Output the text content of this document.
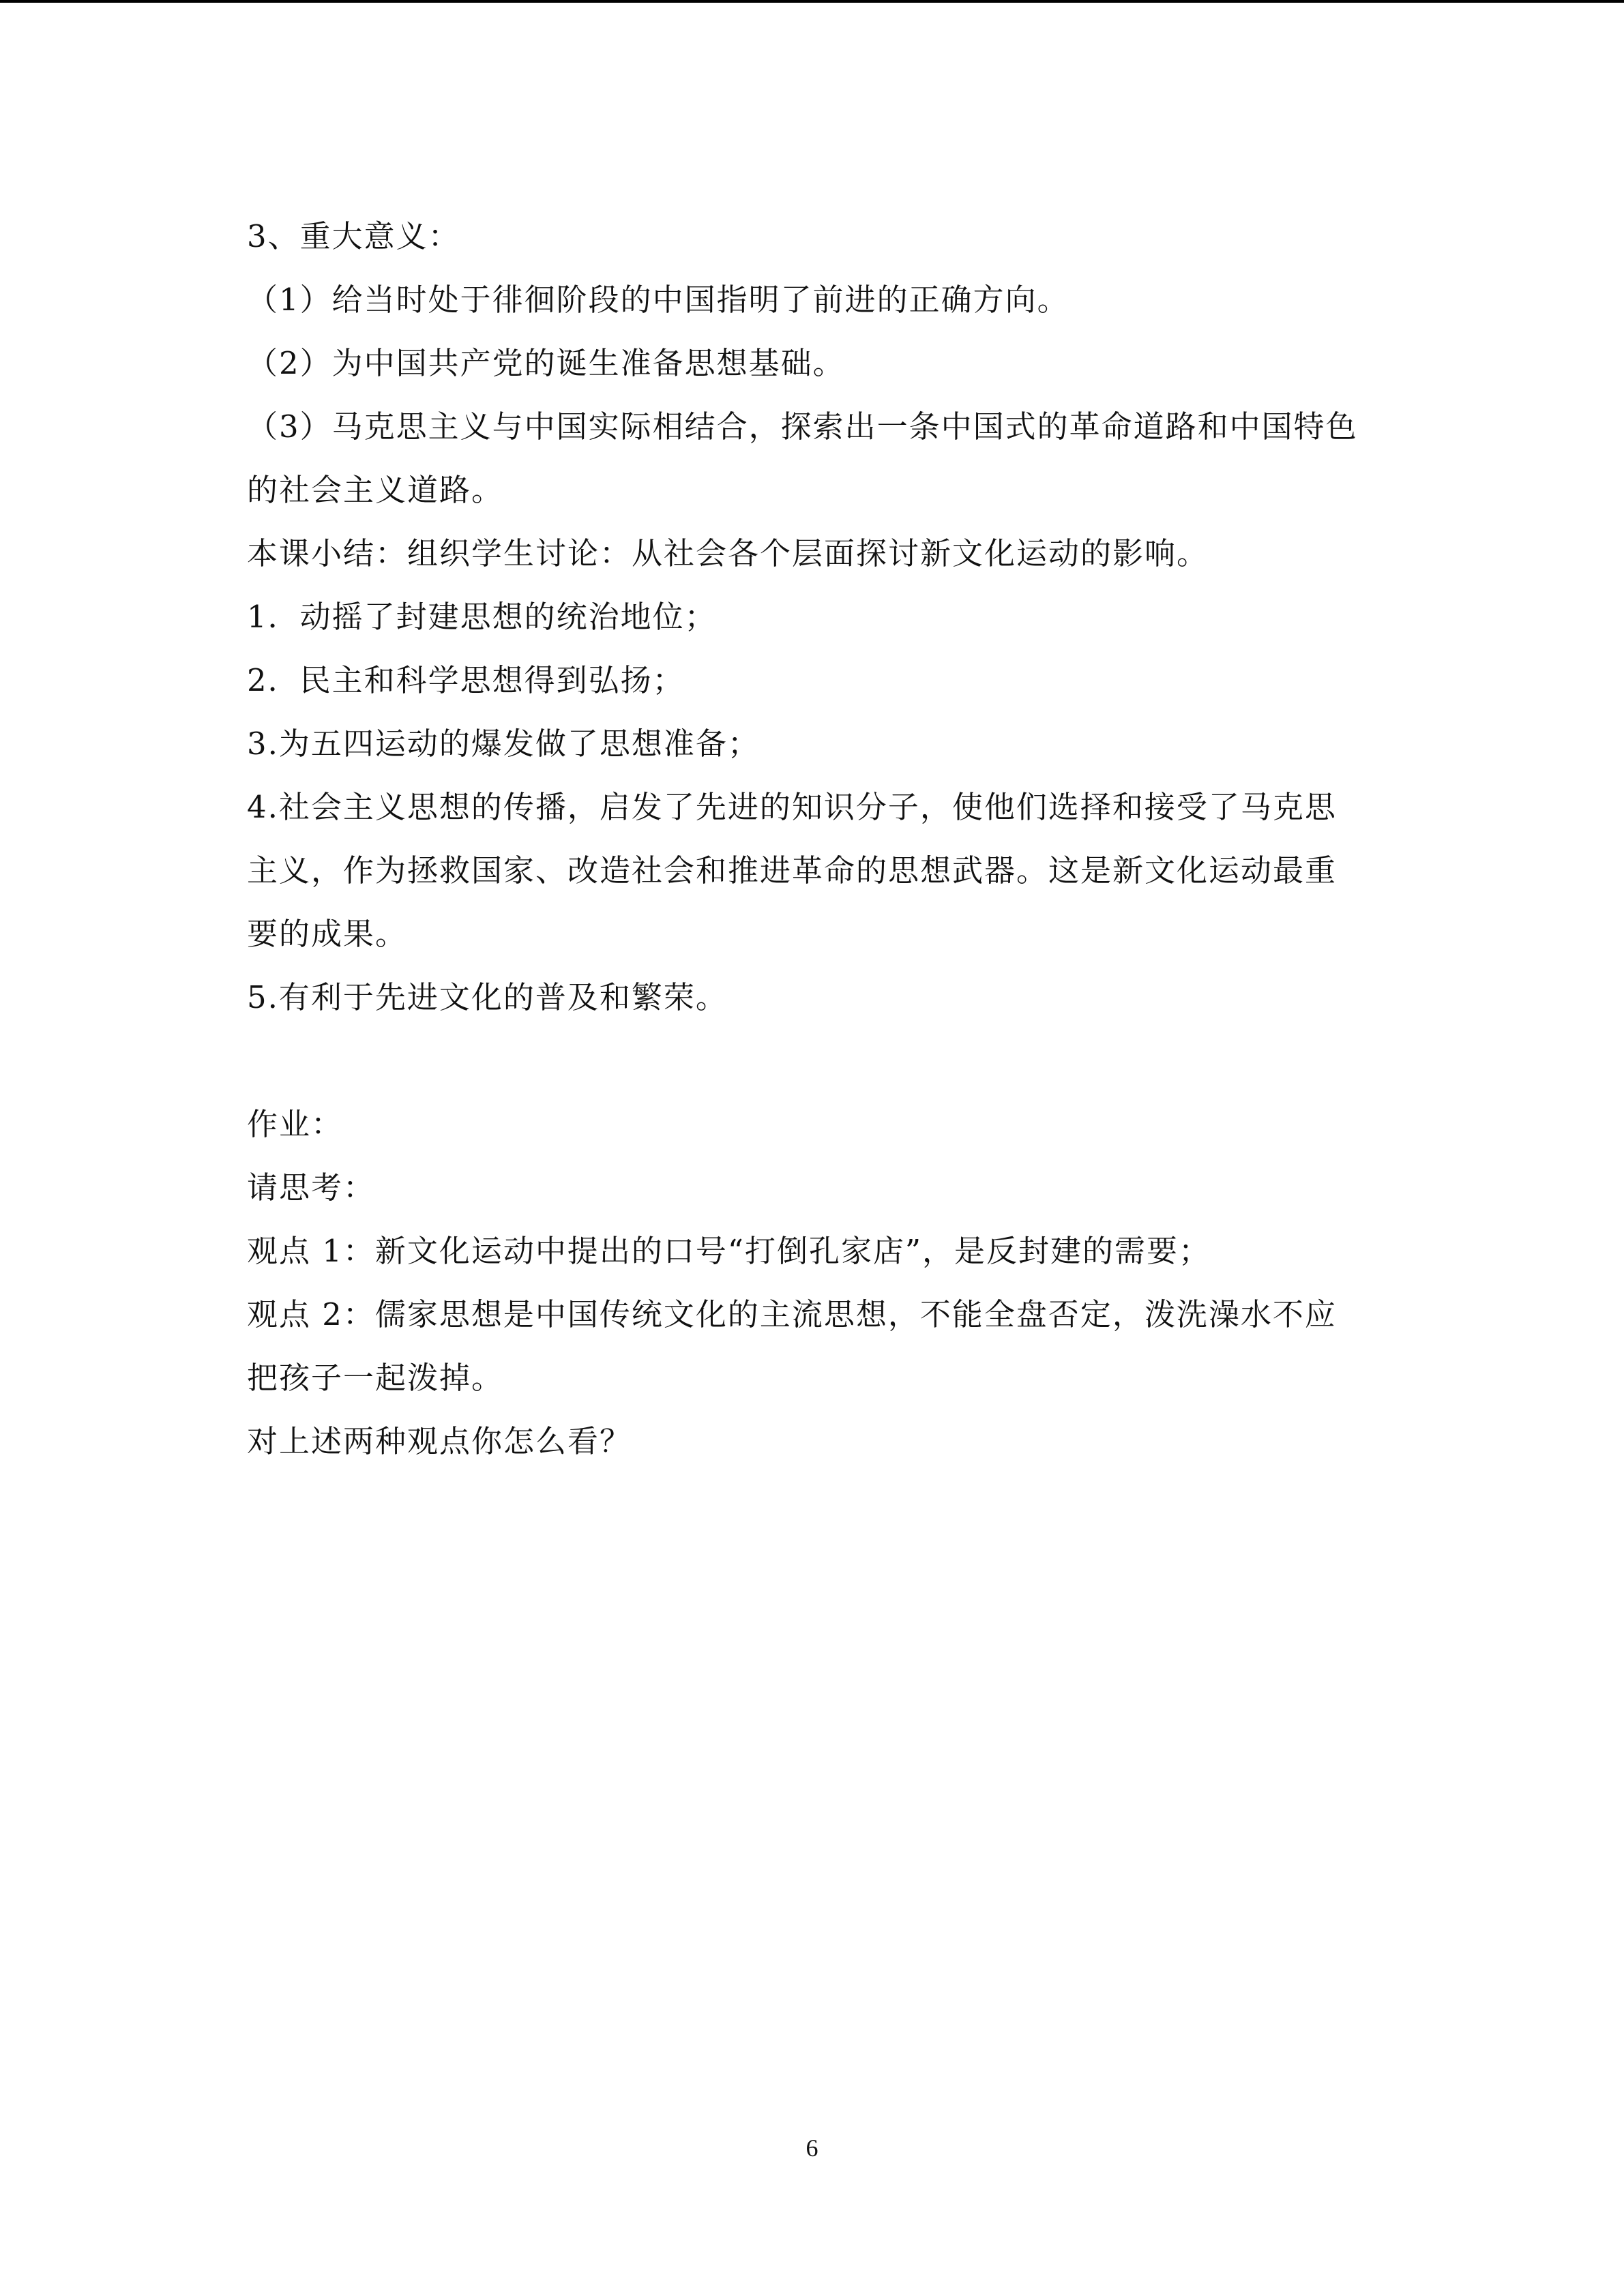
3、重大意义：
（1）给当时处于徘徊阶段的中国指明了前进的正确方向。
（2）为中国共产党的诞生准备思想基础。
（3）马克思主义与中国实际相结合，探索出一条中国式的革命道路和中国特色
的社会主义道路。
本课小结：组织学生讨论：从社会各个层面探讨新文化运动的影响。
1．动摇了封建思想的统治地位；
2．民主和科学思想得到弘扬；
3.为五四运动的爆发做了思想准备；
4.社会主义思想的传播，启发了先进的知识分子，使他们选择和接受了马克思
主义，作为拯救国家、改造社会和推进革命的思想武器。这是新文化运动最重
要的成果。
5.有利于先进文化的普及和繁荣。
作业：
请思考：
观点 1：新文化运动中提出的口号“打倒孔家店”，是反封建的需要；
观点 2：儒家思想是中国传统文化的主流思想，不能全盘否定，泼洗澡水不应
把孩子一起泼掉。
对上述两种观点你怎么看？
6
